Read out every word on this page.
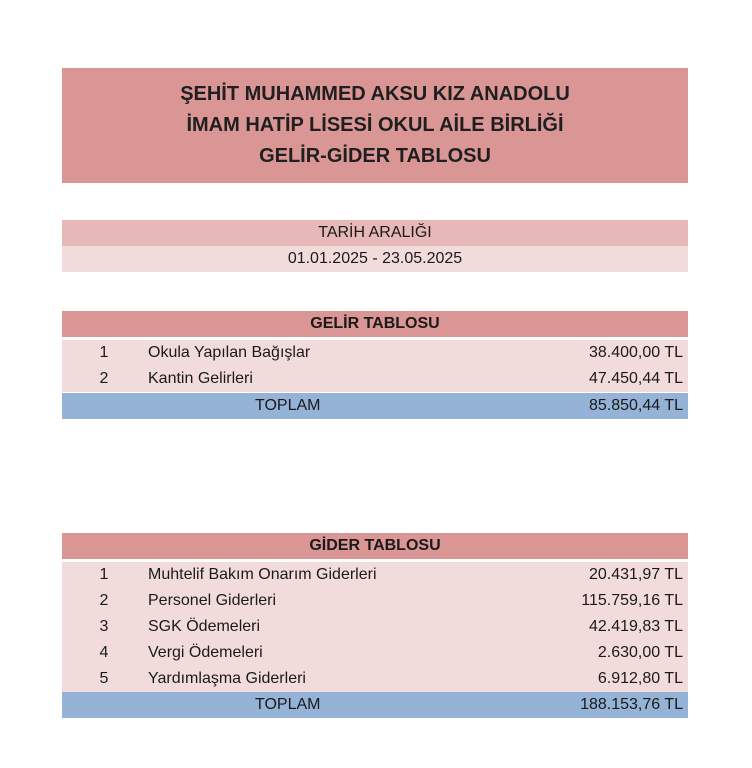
ŞEHİT MUHAMMED AKSU KIZ ANADOLU
İMAM HATİP LİSESİ OKUL AİLE BİRLİĞİ
GELİR-GİDER TABLOSU
TARİH ARALIĞI
01.01.2025 - 23.05.2025
GELİR TABLOSU
1 Okula Yapılan Bağışlar	38.400,00 TL
2 Kantin Gelirleri	47.450,44 TL
TOPLAM	85.850,44 TL
GİDER TABLOSU
1 Muhtelif Bakım Onarım Giderleri	20.431,97 TL
2 Personel Giderleri	115.759,16 TL
3 SGK Ödemeleri	42.419,83 TL
4 Vergi Ödemeleri	2.630,00 TL
5 Yardımlaşma Giderleri	6.912,80 TL
TOPLAM	188.153,76 TL
